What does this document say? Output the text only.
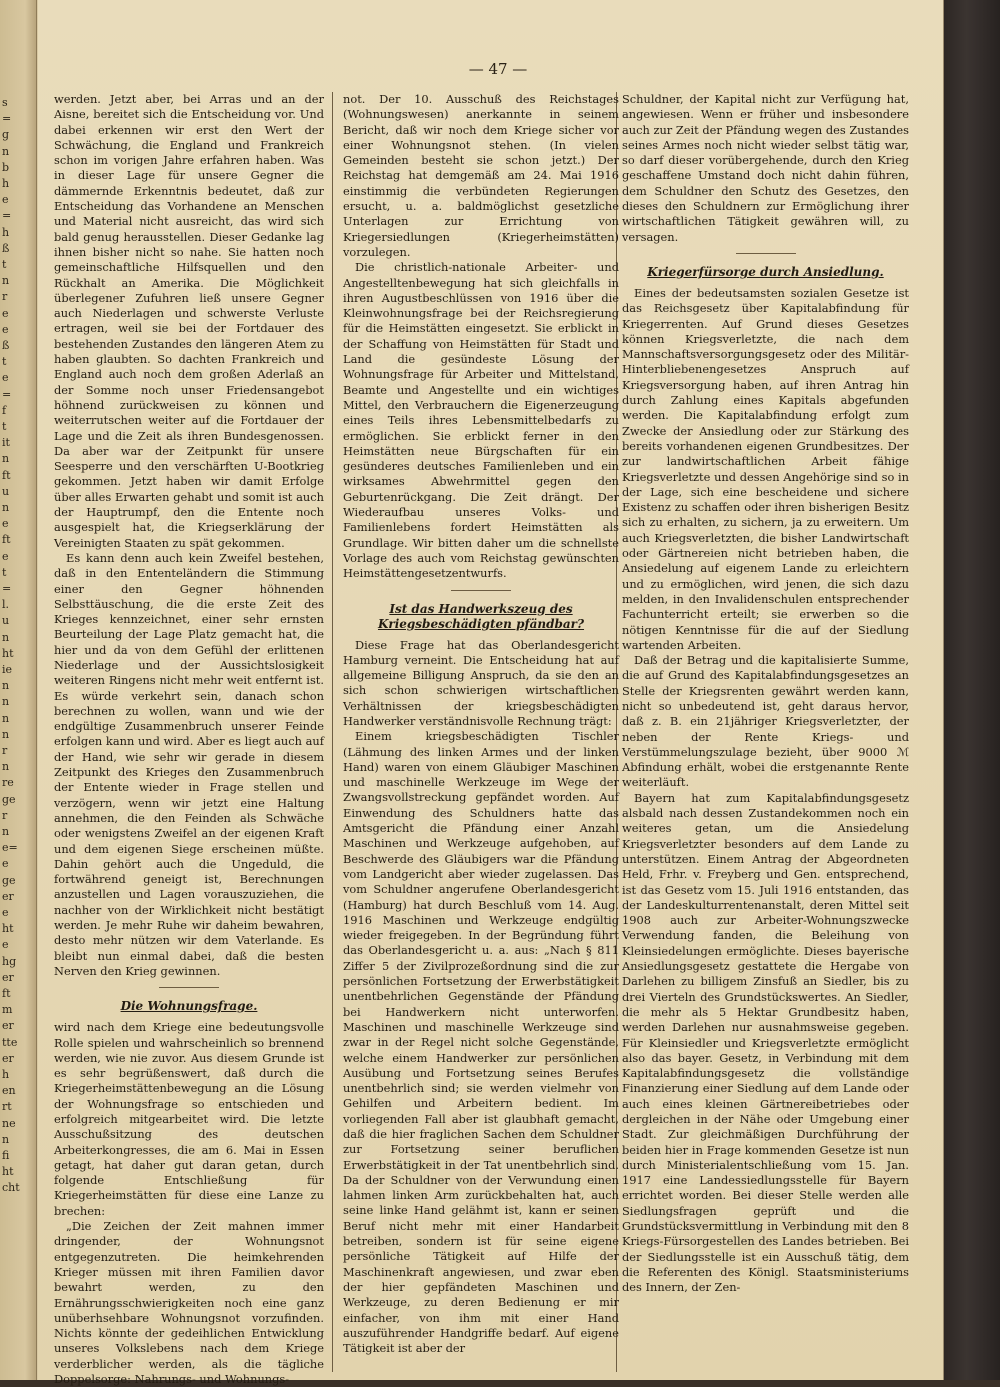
s
=
g
n
b
h
e
=
h
ß
t
n
r
e
e
ß
t
e
=
f
t
it
n
ft
u
n
e
ft
e
t
=
l.
u
n
ht
ie
n
n
n
n
r
n
re
ge
r
n
e=
e
ge
er
e
ht
e
hg
er
ft
m
er
tte
er
h
en
rt
ne
n
fi
ht
cht
— 47 —

werden. Jetzt aber, bei Arras und an der Aisne, bereitet sich die Entscheidung vor. Und dabei erkennen wir erst den Wert der Schwächung, die England und Frankreich schon im vorigen Jahre erfahren haben. Was in dieser Lage für unsere Gegner die dämmernde Erkenntnis bedeutet, daß zur Entscheidung das Vorhandene an Menschen und Material nicht ausreicht, das wird sich bald genug herausstellen. Dieser Gedanke lag ihnen bisher nicht so nahe. Sie hatten noch gemeinschaftliche Hilfsquellen und den Rückhalt an Amerika. Die Möglichkeit überlegener Zufuhren ließ unsere Gegner auch Niederlagen und schwerste Verluste ertragen, weil sie bei der Fortdauer des bestehenden Zustandes den längeren Atem zu haben glaubten. So dachten Frankreich und England auch noch dem großen Aderlaß an der Somme noch unser Friedensangebot höhnend zurückweisen zu können und weiterrutschen weiter auf die Fortdauer der Lage und die Zeit als ihren Bundesgenossen. Da aber war der Zeitpunkt für unsere Seesperre und den verschärften U-Bootkrieg gekommen. Jetzt haben wir damit Erfolge über alles Erwarten gehabt und somit ist auch der Hauptrumpf, den die Entente noch ausgespielt hat, die Kriegserklärung der Vereinigten Staaten zu spät gekommen.

Es kann denn auch kein Zweifel bestehen, daß in den Ententeländern die Stimmung einer den Gegner höhnenden Selbsttäuschung, die die erste Zeit des Krieges kennzeichnet, einer sehr ernsten Beurteilung der Lage Platz gemacht hat, die hier und da von dem Gefühl der erlittenen Niederlage und der Aussichtslosigkeit weiteren Ringens nicht mehr weit entfernt ist. Es würde verkehrt sein, danach schon berechnen zu wollen, wann und wie der endgültige Zusammenbruch unserer Feinde erfolgen kann und wird. Aber es liegt auch auf der Hand, wie sehr wir gerade in diesem Zeitpunkt des Krieges den Zusammenbruch der Entente wieder in Frage stellen und verzögern, wenn wir jetzt eine Haltung annehmen, die den Feinden als Schwäche oder wenigstens Zweifel an der eigenen Kraft und dem eigenen Siege erscheinen müßte. Dahin gehört auch die Ungeduld, die fortwährend geneigt ist, Berechnungen anzustellen und Lagen vorauszuziehen, die nachher von der Wirklichkeit nicht bestätigt werden. Je mehr Ruhe wir daheim bewahren, desto mehr nützen wir dem Vaterlande. Es bleibt nun einmal dabei, daß die besten Nerven den Krieg gewinnen.

Die Wohnungsfrage.

wird nach dem Kriege eine bedeutungsvolle Rolle spielen und wahrscheinlich so brennend werden, wie nie zuvor. Aus diesem Grunde ist es sehr begrüßenswert, daß durch die Kriegerheimstättenbewegung an die Lösung der Wohnungsfrage so entschieden und erfolgreich mitgearbeitet wird. Die letzte Ausschußsitzung des deutschen Arbeiterkongresses, die am 6. Mai in Essen getagt, hat daher gut daran getan, durch folgende Entschließung für Kriegerheimstätten für diese eine Lanze zu brechen:

„Die Zeichen der Zeit mahnen immer dringender, der Wohnungsnot entgegenzutreten. Die heimkehrenden Krieger müssen mit ihren Familien davor bewahrt werden, zu den Ernährungsschwierigkeiten noch eine ganz unüberhsehbare Wohnungsnot vorzufinden. Nichts könnte der gedeihlichen Entwicklung unseres Volkslebens nach dem Kriege verderblicher werden, als die tägliche Doppelsorge: Nahrungs- und Wohnungs-

not. Der 10. Ausschuß des Reichstages (Wohnungswesen) anerkannte in seinem Bericht, daß wir noch dem Kriege sicher vor einer Wohnungsnot stehen. (In vielen Gemeinden besteht sie schon jetzt.) Der Reichstag hat demgemäß am 24. Mai 1916 einstimmig die verbündeten Regierungen ersucht, u. a. baldmöglichst gesetzliche Unterlagen zur Errichtung von Kriegersiedlungen (Kriegerheimstätten) vorzulegen.

Die christlich-nationale Arbeiter- und Angestelltenbewegung hat sich gleichfalls in ihren Augustbeschlüssen von 1916 über die Kleinwohnungsfrage bei der Reichsregierung für die Heimstätten eingesetzt. Sie erblickt in der Schaffung von Heimstätten für Stadt und Land die gesündeste Lösung der Wohnungsfrage für Arbeiter und Mittelstand, Beamte und Angestellte und ein wichtiges Mittel, den Verbrauchern die Eigenerzeugung eines Teils ihres Lebensmittelbedarfs zu ermöglichen. Sie erblickt ferner in den Heimstätten neue Bürgschaften für ein gesünderes deutsches Familienleben und ein wirksames Abwehrmittel gegen den Geburtenrückgang. Die Zeit drängt. Der Wiederaufbau unseres Volks- und Familienlebens fordert Heimstätten als Grundlage. Wir bitten daher um die schnellste Vorlage des auch vom Reichstag gewünschten Heimstättengesetzentwurfs.

Ist das Handwerkszeug des Kriegsbeschädigten pfändbar?

Diese Frage hat das Oberlandesgericht Hamburg verneint. Die Entscheidung hat auf allgemeine Billigung Anspruch, da sie den an sich schon schwierigen wirtschaftlichen Verhältnissen der kriegsbeschädigten Handwerker verständnisvolle Rechnung trägt:

Einem kriegsbeschädigten Tischler (Lähmung des linken Armes und der linken Hand) waren von einem Gläubiger Maschinen und maschinelle Werkzeuge im Wege der Zwangsvollstreckung gepfändet worden. Auf Einwendung des Schuldners hatte das Amtsgericht die Pfändung einer Anzahl Maschinen und Werkzeuge aufgehoben, auf Beschwerde des Gläubigers war die Pfändung vom Landgericht aber wieder zugelassen. Das vom Schuldner angerufene Oberlandesgericht (Hamburg) hat durch Beschluß vom 14. Aug. 1916 Maschinen und Werkzeuge endgültig wieder freigegeben. In der Begründung führt das Oberlandesgericht u. a. aus: „Nach § 811 Ziffer 5 der Zivilprozeßordnung sind die zur persönlichen Fortsetzung der Erwerbstätigkeit unentbehrlichen Gegenstände der Pfändung bei Handwerkern nicht unterworfen. Maschinen und maschinelle Werkzeuge sind zwar in der Regel nicht solche Gegenstände, welche einem Handwerker zur persönlichen Ausübung und Fortsetzung seines Berufes unentbehrlich sind; sie werden vielmehr von Gehilfen und Arbeitern bedient. Im vorliegenden Fall aber ist glaubhaft gemacht, daß die hier fraglichen Sachen dem Schuldner zur Fortsetzung seiner beruflichen Erwerbstätigkeit in der Tat unentbehrlich sind. Da der Schuldner von der Verwundung einen lahmen linken Arm zurückbehalten hat, auch seine linke Hand gelähmt ist, kann er seinen Beruf nicht mehr mit einer Handarbeit betreiben, sondern ist für seine eigene persönliche Tätigkeit auf Hilfe der Maschinenkraft angewiesen, und zwar eben der hier gepfändeten Maschinen und Werkzeuge, zu deren Bedienung er mir einfacher, von ihm mit einer Hand auszuführender Handgriffe bedarf. Auf eigene Tätigkeit ist aber der

Schuldner, der Kapital nicht zur Verfügung hat, angewiesen. Wenn er früher und insbesondere auch zur Zeit der Pfändung wegen des Zustandes seines Armes noch nicht wieder selbst tätig war, so darf dieser vorübergehende, durch den Krieg geschaffene Umstand doch nicht dahin führen, dem Schuldner den Schutz des Gesetzes, den dieses den Schuldnern zur Ermöglichung ihrer wirtschaftlichen Tätigkeit gewähren will, zu versagen.

Kriegerfürsorge durch Ansiedlung.

Eines der bedeutsamsten sozialen Gesetze ist das Reichsgesetz über Kapitalabfindung für Kriegerrenten. Auf Grund dieses Gesetzes können Kriegsverletzte, die nach dem Mannschaftsversorgungsgesetz oder des Militär-Hinterbliebenengesetzes Anspruch auf Kriegsversorgung haben, auf ihren Antrag hin durch Zahlung eines Kapitals abgefunden werden. Die Kapitalabfindung erfolgt zum Zwecke der Ansiedlung oder zur Stärkung des bereits vorhandenen eigenen Grundbesitzes. Der zur landwirtschaftlichen Arbeit fähige Kriegsverletzte und dessen Angehörige sind so in der Lage, sich eine bescheidene und sichere Existenz zu schaffen oder ihren bisherigen Besitz sich zu erhalten, zu sichern, ja zu erweitern. Um auch Kriegsverletzten, die bisher Landwirtschaft oder Gärtnereien nicht betrieben haben, die Ansiedelung auf eigenem Lande zu erleichtern und zu ermöglichen, wird jenen, die sich dazu melden, in den Invalidenschulen entsprechender Fachunterricht erteilt; sie erwerben so die nötigen Kenntnisse für die auf der Siedlung wartenden Arbeiten.

Daß der Betrag und die kapitalisierte Summe, die auf Grund des Kapitalabfindungsgesetzes an Stelle der Kriegsrenten gewährt werden kann, nicht so unbedeutend ist, geht daraus hervor, daß z. B. ein 21jähriger Kriegsverletzter, der neben der Rente Kriegs- und Verstümmelungszulage bezieht, über 9000 ℳ Abfindung erhält, wobei die erstgenannte Rente weiterläuft.

Bayern hat zum Kapitalabfindungsgesetz alsbald nach dessen Zustandekommen noch ein weiteres getan, um die Ansiedelung Kriegsverletzter besonders auf dem Lande zu unterstützen. Einem Antrag der Abgeordneten Held, Frhr. v. Freyberg und Gen. entsprechend, ist das Gesetz vom 15. Juli 1916 entstanden, das der Landeskulturrentenanstalt, deren Mittel seit 1908 auch zur Arbeiter-Wohnungszwecke Verwendung fanden, die Beleihung von Kleinsiedelungen ermöglichte. Dieses bayerische Ansiedlungsgesetz gestattete die Hergabe von Darlehen zu billigem Zinsfuß an Siedler, bis zu drei Vierteln des Grundstückswertes. An Siedler, die mehr als 5 Hektar Grundbesitz haben, werden Darlehen nur ausnahmsweise gegeben. Für Kleinsiedler und Kriegsverletzte ermöglicht also das bayer. Gesetz, in Verbindung mit dem Kapitalabfindungsgesetz die vollständige Finanzierung einer Siedlung auf dem Lande oder auch eines kleinen Gärtnereibetriebes oder dergleichen in der Nähe oder Umgebung einer Stadt. Zur gleichmäßigen Durchführung der beiden hier in Frage kommenden Gesetze ist nun durch Ministerialentschließung vom 15. Jan. 1917 eine Landessiedlungsstelle für Bayern errichtet worden. Bei dieser Stelle werden alle Siedlungsfragen geprüft und die Grundstücksvermittlung in Verbindung mit den 8 Kriegs-Fürsorgestellen des Landes betrieben. Bei der Siedlungsstelle ist ein Ausschuß tätig, dem die Referenten des Königl. Staatsministeriums des Innern, der Zen-
